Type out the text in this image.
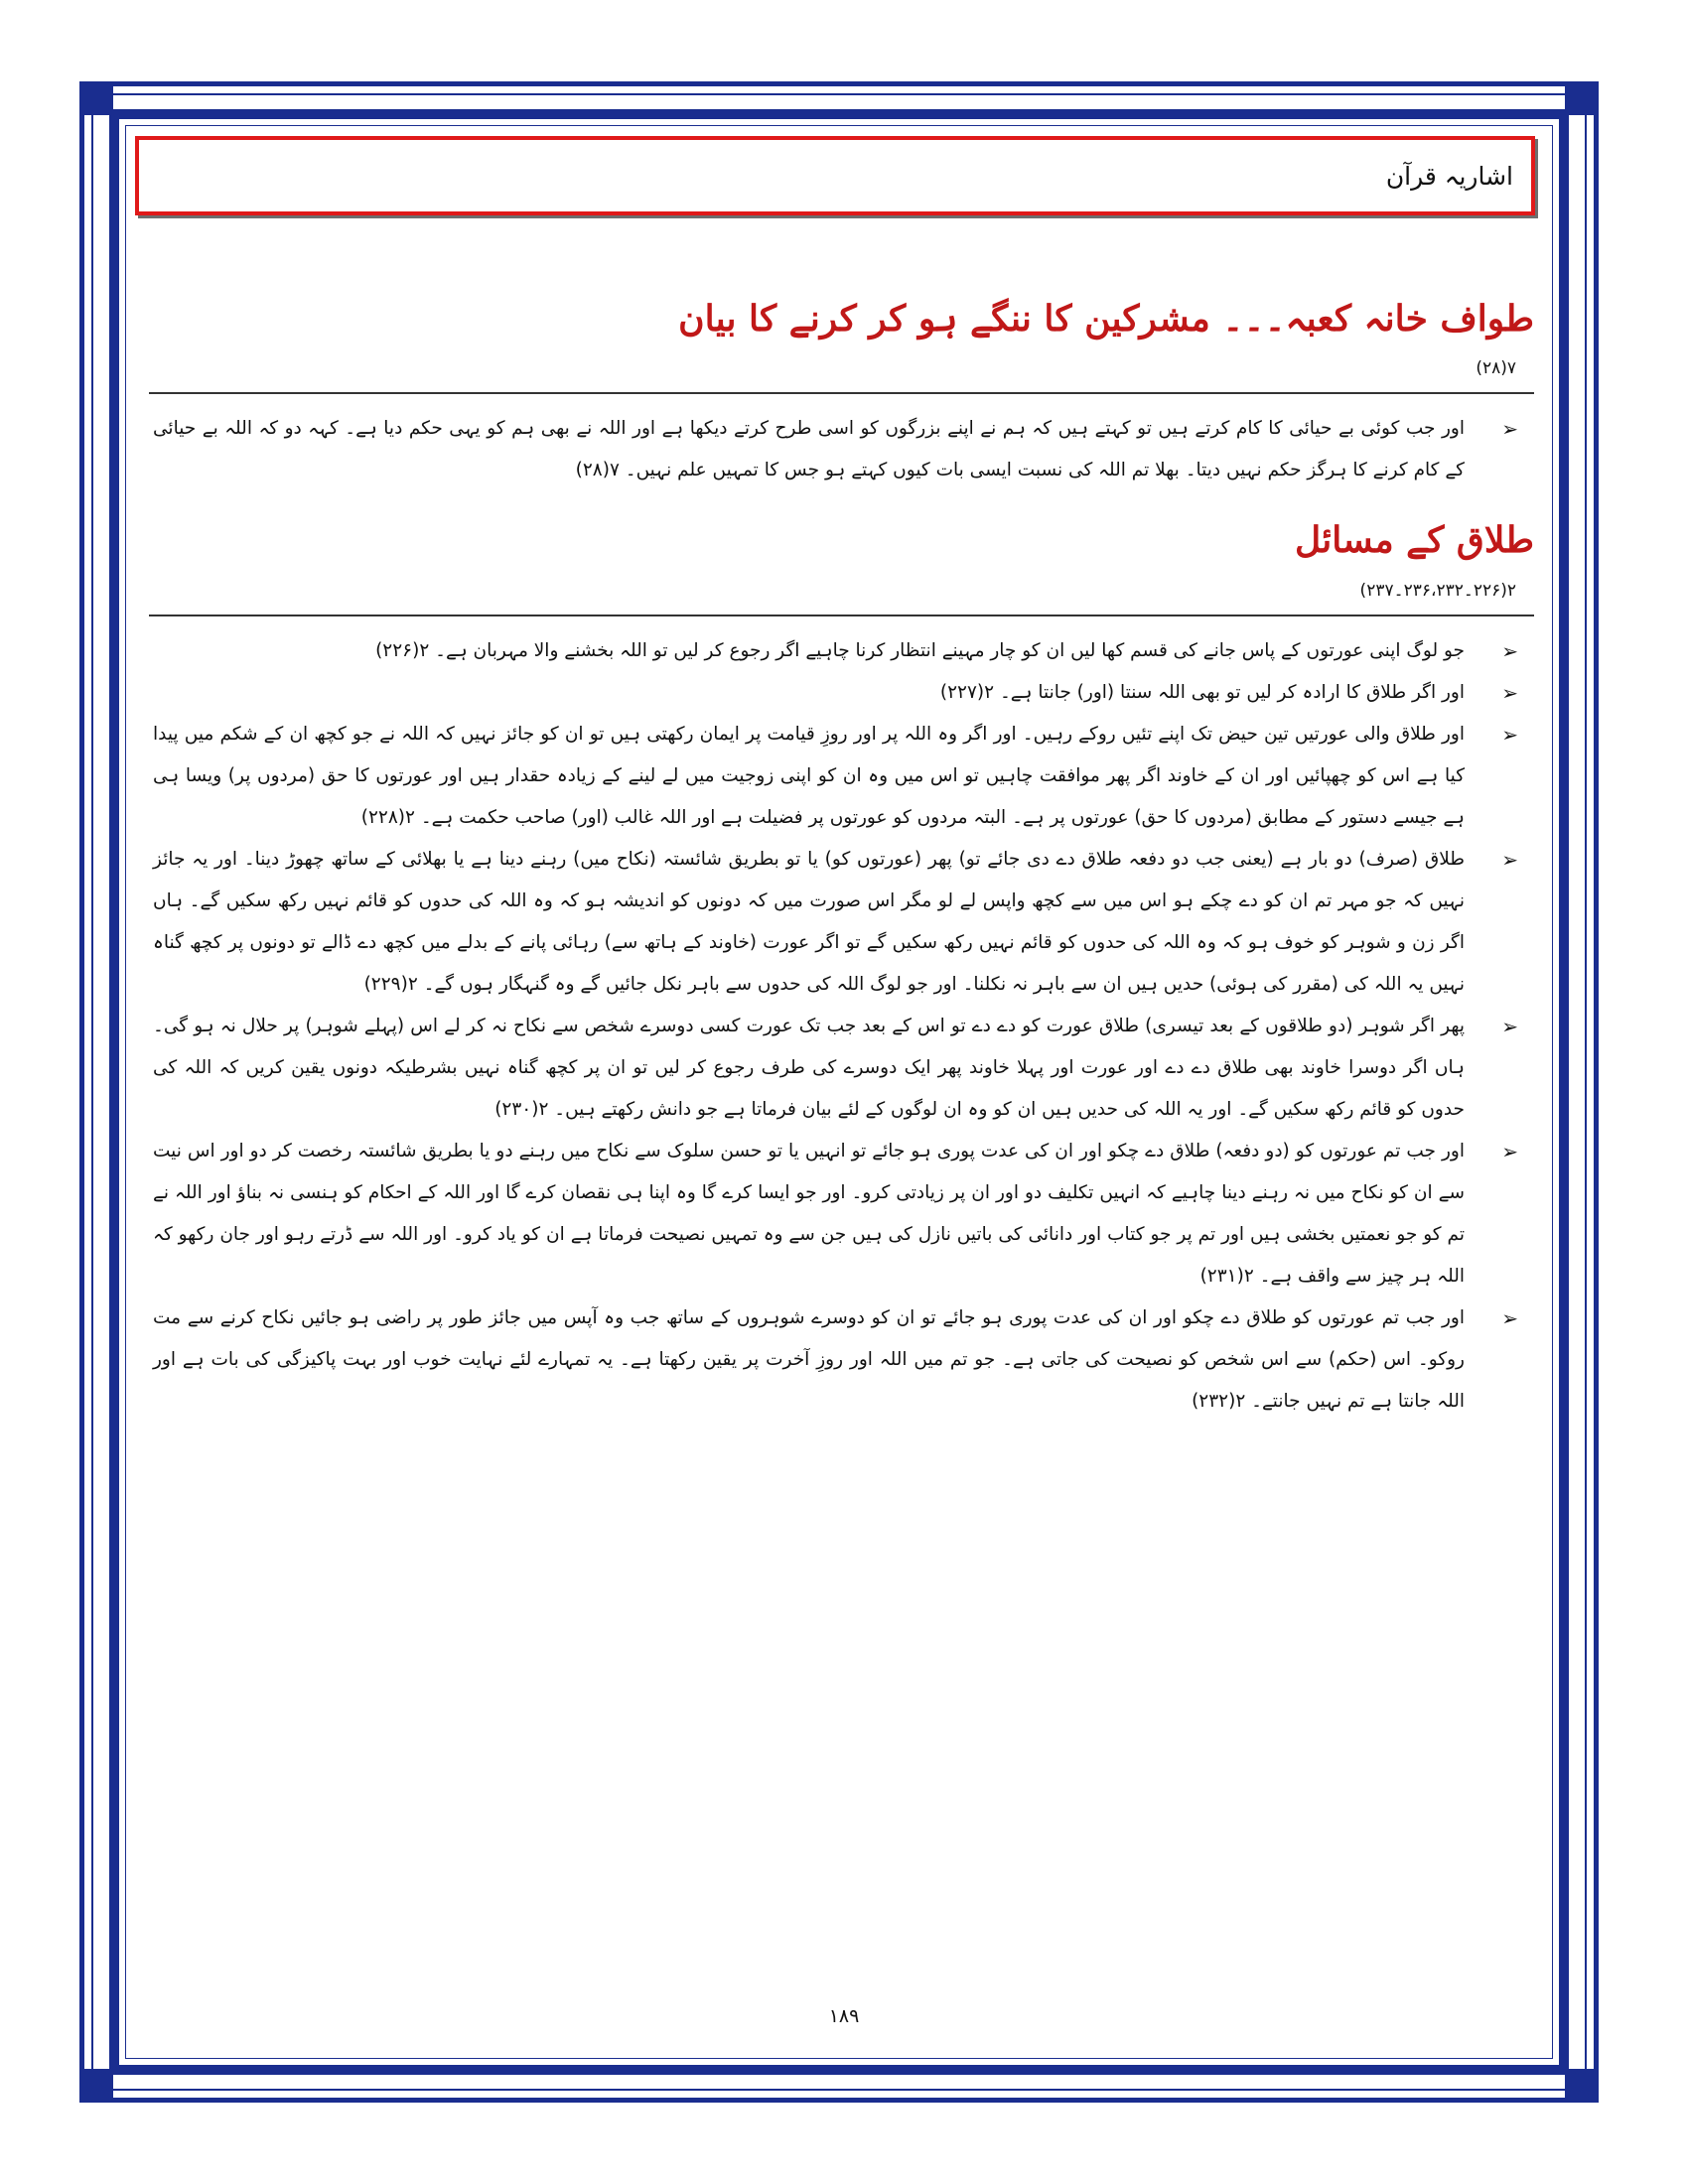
اشاریہ قرآن
طواف خانہ کعبہ۔۔۔ مشرکین کا ننگے ہو کر کرنے کا بیان

۷(۲۸)

➢
اور جب کوئی بے حیائی کا کام کرتے ہیں تو کہتے ہیں کہ ہم نے اپنے بزرگوں کو اسی طرح کرتے دیکھا ہے اور اللہ نے بھی ہم کو یہی حکم دیا ہے۔ کہہ دو کہ اللہ بے حیائی کے کام کرنے کا ہرگز حکم نہیں دیتا۔ بھلا تم اللہ کی نسبت ایسی بات کیوں کہتے ہو جس کا تمہیں علم نہیں۔ ۷(۲۸)
طلاق کے مسائل

۲(۲۲۶۔۲۳۶،۲۳۲۔۲۳۷)

➢
جو لوگ اپنی عورتوں کے پاس جانے کی قسم کھا لیں ان کو چار مہینے انتظار کرنا چاہیے اگر رجوع کر لیں تو اللہ بخشنے والا مہربان ہے۔ ۲(۲۲۶)
➢
اور اگر طلاق کا ارادہ کر لیں تو بھی اللہ سنتا (اور) جانتا ہے۔ ۲(۲۲۷)
➢
اور طلاق والی عورتیں تین حیض تک اپنے تئیں روکے رہیں۔ اور اگر وہ اللہ پر اور روزِ قیامت پر ایمان رکھتی ہیں تو ان کو جائز نہیں کہ اللہ نے جو کچھ ان کے شکم میں پیدا کیا ہے اس کو چھپائیں اور ان کے خاوند اگر پھر موافقت چاہیں تو اس میں وہ ان کو اپنی زوجیت میں لے لینے کے زیادہ حقدار ہیں اور عورتوں کا حق (مردوں پر) ویسا ہی ہے جیسے دستور کے مطابق (مردوں کا حق) عورتوں پر ہے۔ البتہ مردوں کو عورتوں پر فضیلت ہے اور اللہ غالب (اور) صاحب حکمت ہے۔ ۲(۲۲۸)
➢
طلاق (صرف) دو بار ہے (یعنی جب دو دفعہ طلاق دے دی جائے تو) پھر (عورتوں کو) یا تو بطریق شائستہ (نکاح میں) رہنے دینا ہے یا بھلائی کے ساتھ چھوڑ دینا۔ اور یہ جائز نہیں کہ جو مہر تم ان کو دے چکے ہو اس میں سے کچھ واپس لے لو مگر اس صورت میں کہ دونوں کو اندیشہ ہو کہ وہ اللہ کی حدوں کو قائم نہیں رکھ سکیں گے۔ ہاں اگر زن و شوہر کو خوف ہو کہ وہ اللہ کی حدوں کو قائم نہیں رکھ سکیں گے تو اگر عورت (خاوند کے ہاتھ سے) رہائی پانے کے بدلے میں کچھ دے ڈالے تو دونوں پر کچھ گناہ نہیں یہ اللہ کی (مقرر کی ہوئی) حدیں ہیں ان سے باہر نہ نکلنا۔ اور جو لوگ اللہ کی حدوں سے باہر نکل جائیں گے وہ گنہگار ہوں گے۔ ۲(۲۲۹)
➢
پھر اگر شوہر (دو طلاقوں کے بعد تیسری) طلاق عورت کو دے دے تو اس کے بعد جب تک عورت کسی دوسرے شخص سے نکاح نہ کر لے اس (پہلے شوہر) پر حلال نہ ہو گی۔ ہاں اگر دوسرا خاوند بھی طلاق دے دے اور عورت اور پہلا خاوند پھر ایک دوسرے کی طرف رجوع کر لیں تو ان پر کچھ گناہ نہیں بشرطیکہ دونوں یقین کریں کہ اللہ کی حدوں کو قائم رکھ سکیں گے۔ اور یہ اللہ کی حدیں ہیں ان کو وہ ان لوگوں کے لئے بیان فرماتا ہے جو دانش رکھتے ہیں۔ ۲(۲۳۰)
➢
اور جب تم عورتوں کو (دو دفعہ) طلاق دے چکو اور ان کی عدت پوری ہو جائے تو انہیں یا تو حسن سلوک سے نکاح میں رہنے دو یا بطریق شائستہ رخصت کر دو اور اس نیت سے ان کو نکاح میں نہ رہنے دینا چاہیے کہ انہیں تکلیف دو اور ان پر زیادتی کرو۔ اور جو ایسا کرے گا وہ اپنا ہی نقصان کرے گا اور اللہ کے احکام کو ہنسی نہ بناؤ اور اللہ نے تم کو جو نعمتیں بخشی ہیں اور تم پر جو کتاب اور دانائی کی باتیں نازل کی ہیں جن سے وہ تمہیں نصیحت فرماتا ہے ان کو یاد کرو۔ اور اللہ سے ڈرتے رہو اور جان رکھو کہ اللہ ہر چیز سے واقف ہے۔ ۲(۲۳۱)
➢
اور جب تم عورتوں کو طلاق دے چکو اور ان کی عدت پوری ہو جائے تو ان کو دوسرے شوہروں کے ساتھ جب وہ آپس میں جائز طور پر راضی ہو جائیں نکاح کرنے سے مت روکو۔ اس (حکم) سے اس شخص کو نصیحت کی جاتی ہے۔ جو تم میں اللہ اور روزِ آخرت پر یقین رکھتا ہے۔ یہ تمہارے لئے نہایت خوب اور بہت پاکیزگی کی بات ہے اور اللہ جانتا ہے تم نہیں جانتے۔ ۲(۲۳۲)
۱۸۹
